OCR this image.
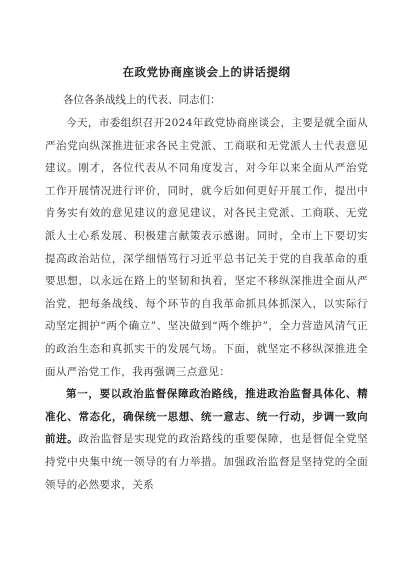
在政党协商座谈会上的讲话提纲

各位各条战线上的代表、同志们：

今天，市委组织召开2024年政党协商座谈会，主要是就全面从严治党向纵深推进征求各民主党派、工商联和无党派人士代表意见建议。刚才，各位代表从不同角度发言，对今年以来全面从严治党工作开展情况进行评价，同时，就今后如何更好开展工作，提出中肯务实有效的意见建议的意见建议，对各民主党派、工商联、无党派人士心系发展、积极建言献策表示感谢。同时，全市上下要切实提高政治站位，深学细悟笃行习近平总书记关于党的自我革命的重要思想，以永远在路上的坚韧和执着，坚定不移纵深推进全面从严治党，把每条战线、每个环节的自我革命抓具体抓深入，以实际行动坚定拥护“两个确立”、坚决做到“两个维护”，全力营造风清气正的政治生态和真抓实干的发展气场。下面，就坚定不移纵深推进全面从严治党工作，我再强调三点意见：

第一，要以政治监督保障政治路线，推进政治监督具体化、精准化、常态化，确保统一思想、统一意志、统一行动，步调一致向前进。政治监督是实现党的政治路线的重要保障，也是督促全党坚持党中央集中统一领导的有力举措。加强政治监督是坚持党的全面领导的必然要求，关系
